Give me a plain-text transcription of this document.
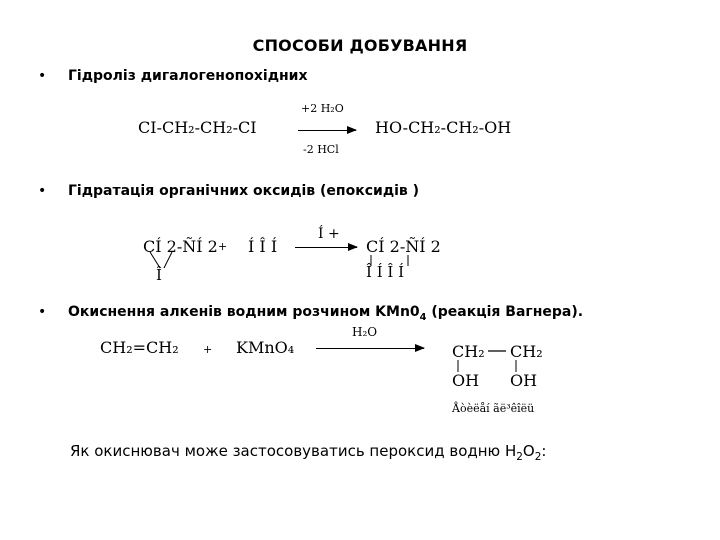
СПОСОБИ ДОБУВАННЯ
• Гідроліз дигалогенопохідних
CI-CH₂-CH₂-CI
+2 H₂O
-2 HCl
HO-CH₂-CH₂-OH
• Гідратація органічних оксидів (епоксидів )
CÍ 2-ÑÍ 2
Î
+ Í Î Í
Í +
CÍ 2-ÑÍ 2
Î Í Î Í
• Окиснення алкенів водним розчином $KMn0_4$ (реакція Вагнера).
CH₂=CH₂ + KMnO₄
H₂O
CH₂ CH₂
OH OH
Åòèëåí ãë³êîëü
Як окиснювач може застосовуватись пероксид водню $Н_2О_2$:
